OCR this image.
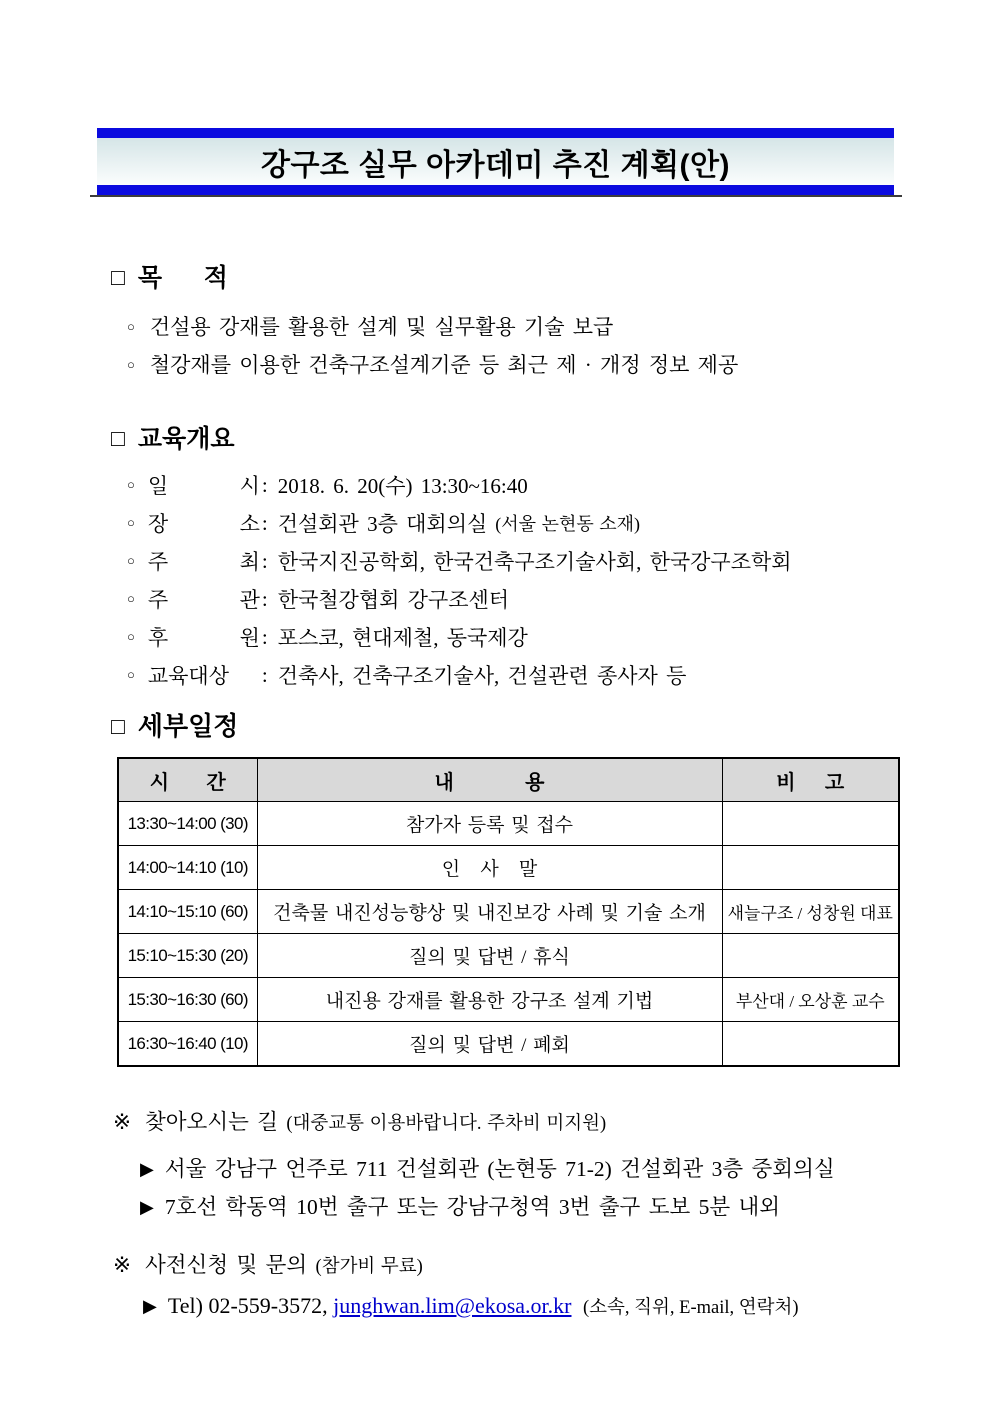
강구조 실무 아카데미 추진 계획(안)
□ 목      적
○ 건설용 강재를 활용한 설계 및 실무활용 기술 보급
○ 철강재를 이용한 건축구조설계기준 등 최근 제 · 개정 정보 제공
□ 교육개요
○ 일	시 : 2018. 6. 20(수) 13:30~16:40
○ 장	소 : 건설회관 3층 대회의실 (서울 논현동 소재)
○ 주	최 : 한국지진공학회, 한국건축구조기술사회, 한국강구조학회
○ 주	관 : 한국철강협회 강구조센터
○ 후	원 : 포스코, 현대제철, 동국제강
○ 교육대상 : 건축사, 건축구조기술사, 건설관련 종사자 등
□ 세부일정
시 간	내 용	비 고

13:30~14:00 (30)	참가자 등록 및 접수	
14:00~14:10 (10)	인   사   말	
14:10~15:10 (60)	건축물 내진성능향상 및 내진보강 사례 및 기술 소개	새늘구조 / 성창원 대표
15:10~15:30 (20)	질의 및 답변 / 휴식	
15:30~16:30 (60)	내진용 강재를 활용한 강구조 설계 기법	부산대 / 오상훈 교수
16:30~16:40 (10)	질의 및 답변 / 폐회	
※ 찾아오시는 길 (대중교통 이용바랍니다. 주차비 미지원)
▶ 서울 강남구 언주로 711 건설회관 (논현동 71-2) 건설회관 3층 중회의실
▶ 7호선 학동역 10번 출구 또는 강남구청역 3번 출구 도보 5분 내외
※ 사전신청 및 문의 (참가비 무료)
▶ Tel) 02-559-3572, junghwan.lim@ekosa.or.kr (소속, 직위, E-mail, 연락처)
